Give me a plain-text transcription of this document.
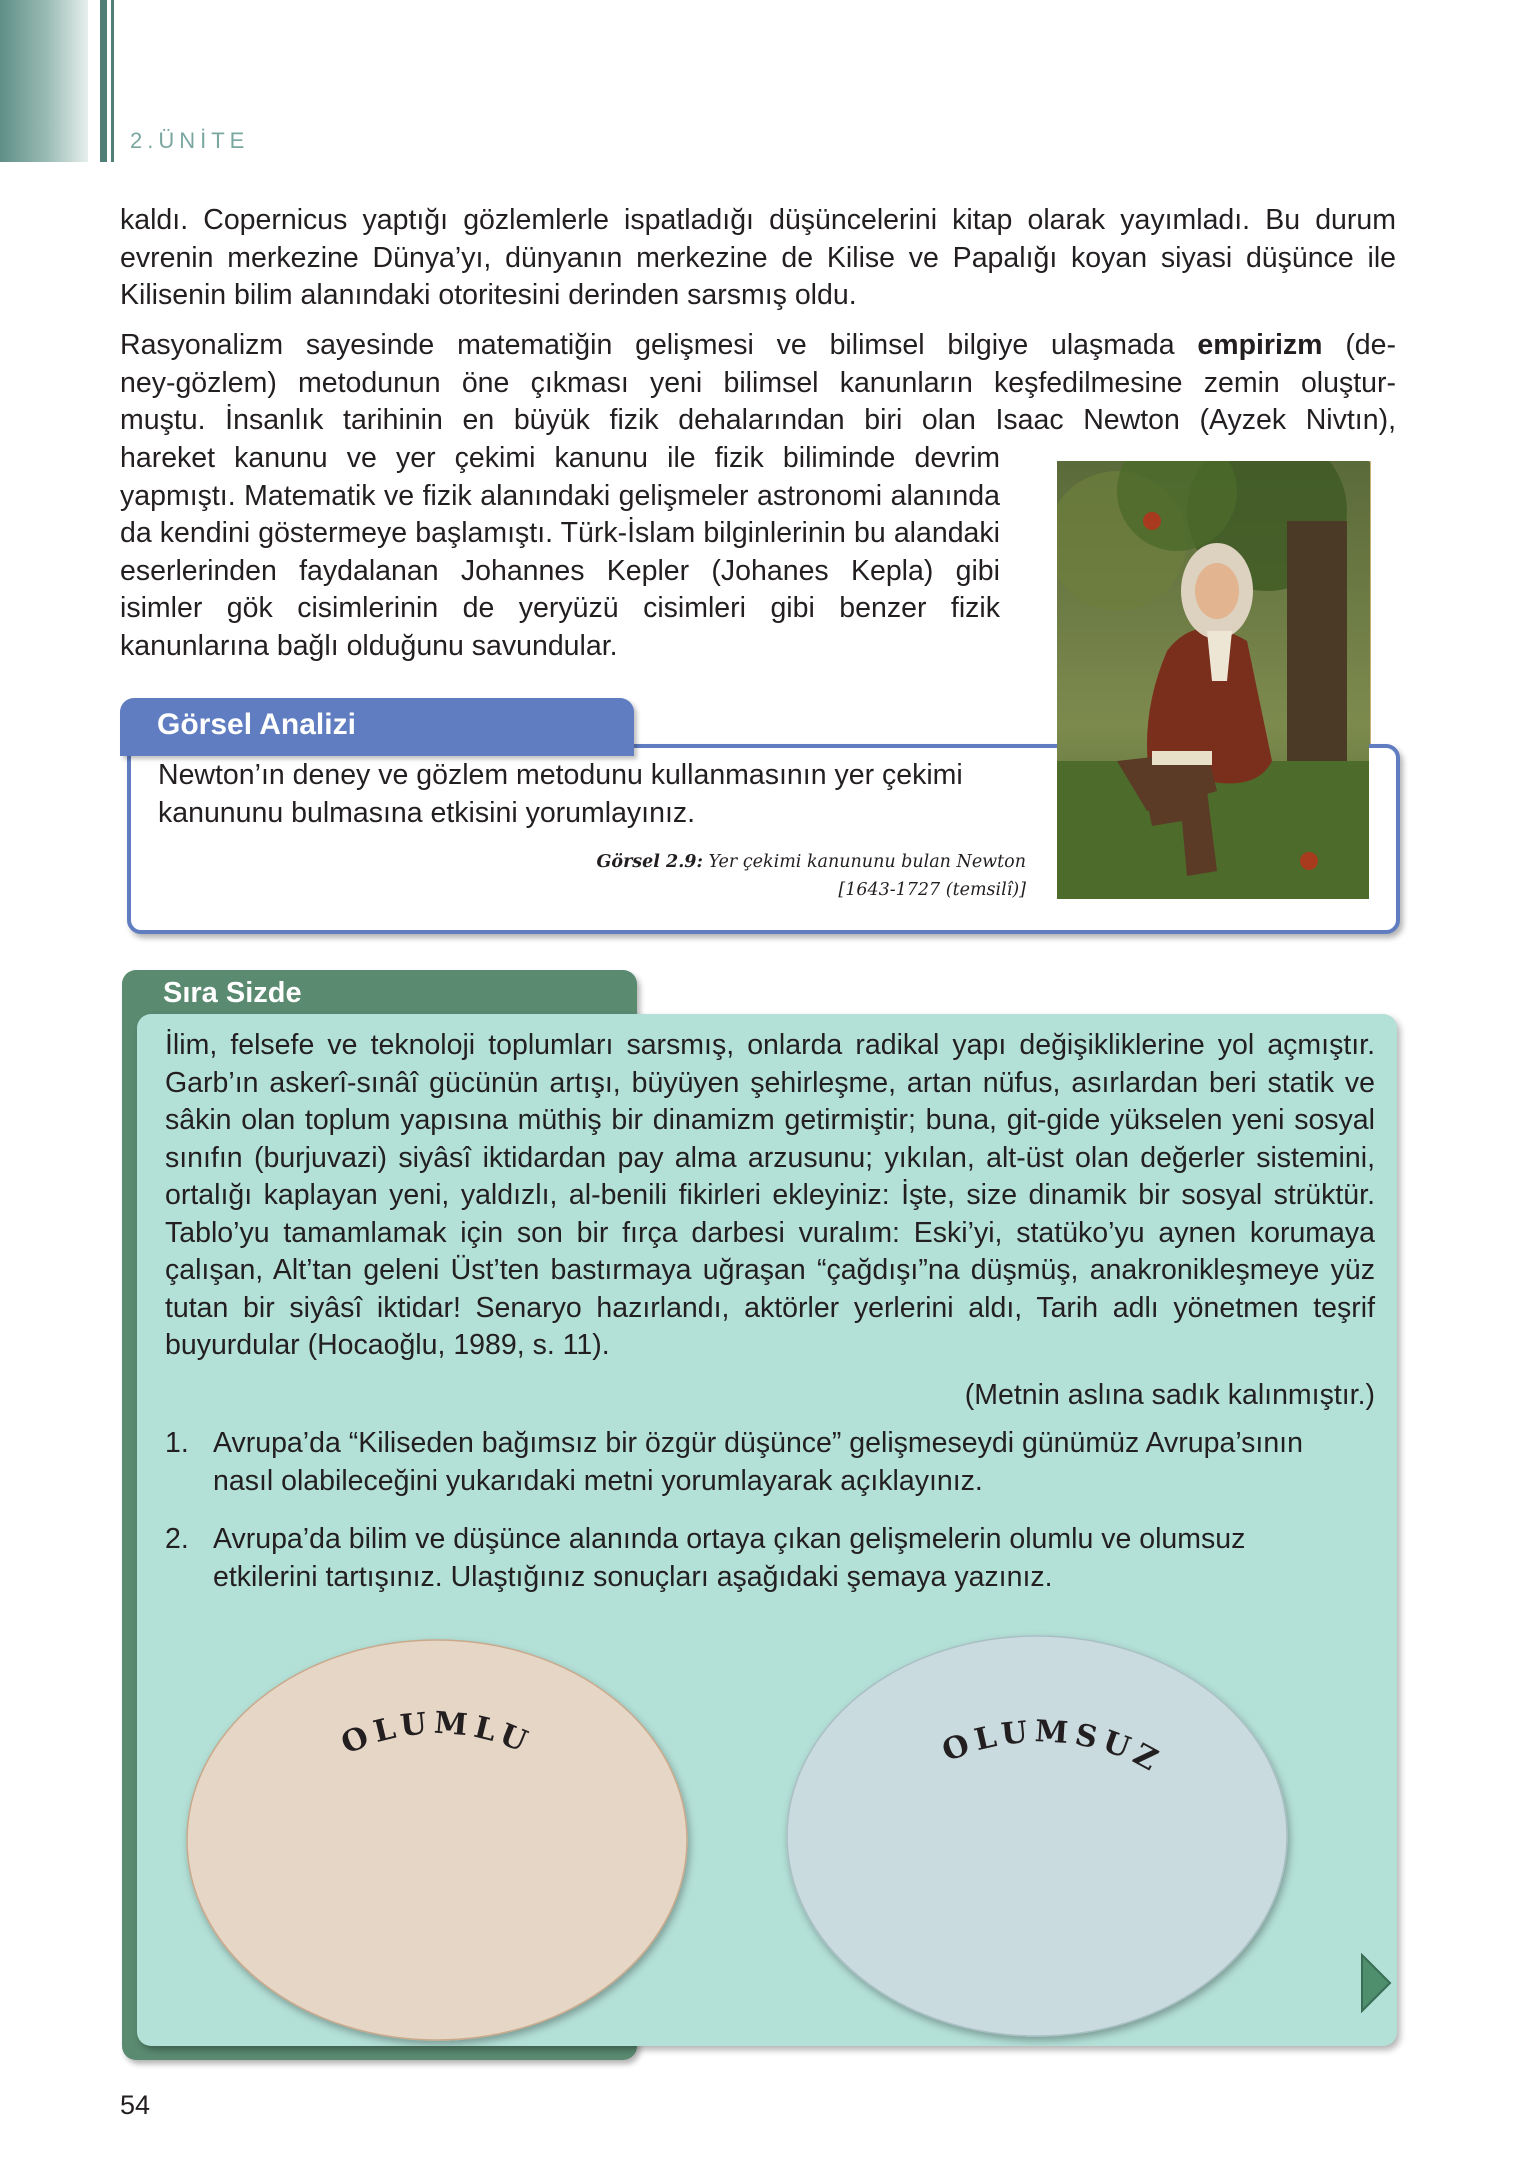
2.ÜNİTE
kaldı. Copernicus yaptığı gözlemlerle ispatladığı düşüncelerini kitap olarak yayımladı. Bu durum evrenin merkezine Dünya’yı, dünyanın merkezine de Kilise ve Papalığı koyan siyasi düşünce ile Kilisenin bilim alanındaki otoritesini derinden sarsmış oldu.
Rasyonalizm sayesinde matematiğin gelişmesi ve bilimsel bilgiye ulaşmada empirizm (de-
ney-gözlem) metodunun öne çıkması yeni bilimsel kanunların keşfedilmesine zemin oluştur-
muştu. İnsanlık tarihinin en büyük fizik dehalarından biri olan Isaac Newton (Ayzek Nivtın),
hareket kanunu ve yer çekimi kanunu ile fizik biliminde devrim yapmıştı. Matematik ve fizik alanındaki gelişmeler astronomi alanında da kendini göstermeye başlamıştı. Türk-İslam bilginlerinin bu alandaki eserlerinden faydalanan Johannes Kepler (Johanes Kepla) gibi isimler gök cisimlerinin de yeryüzü cisimleri gibi benzer fizik kanunlarına bağlı olduğunu savundular.
Görsel Analizi
Newton’ın deney ve gözlem metodunu kullanmasının yer çekimi kanununu bulmasına etkisini yorumlayınız.
Görsel 2.9: Yer çekimi kanununu bulan Newton
[1643-1727 (temsilî)]
Sıra Sizde
İlim, felsefe ve teknoloji toplumları sarsmış, onlarda radikal yapı değişikliklerine yol açmıştır. Garb’ın askerî-sınâî gücünün artışı, büyüyen şehirleşme, artan nüfus, asırlardan beri statik ve sâkin olan toplum yapısına müthiş bir dinamizm getirmiştir; buna, git-gide yükselen yeni sosyal sınıfın (burjuvazi) siyâsî iktidardan pay alma arzusunu; yıkılan, alt-üst olan değerler sistemini, ortalığı kaplayan yeni, yaldızlı, al-benili fikirleri ekleyiniz: İşte, size dinamik bir sosyal strüktür. Tablo’yu tamamlamak için son bir fırça darbesi vuralım: Eski’yi, statüko’yu aynen korumaya çalışan, Alt’tan geleni Üst’ten bastırmaya uğraşan “çağdışı”na düşmüş, anakronikleşmeye yüz tutan bir siyâsî iktidar! Senaryo hazırlandı, aktörler yerlerini aldı, Tarih adlı yönetmen teşrif buyurdular (Hocaoğlu, 1989, s. 11).
(Metnin aslına sadık kalınmıştır.)
1. Avrupa’da “Kiliseden bağımsız bir özgür düşünce” gelişmeseydi günümüz Avrupa’sının nasıl olabileceğini yukarıdaki metni yorumlayarak açıklayınız.
2. Avrupa’da bilim ve düşünce alanında ortaya çıkan gelişmelerin olumlu ve olumsuz etkilerini tartışınız. Ulaştığınız sonuçları aşağıdaki şemaya yazınız.
OLUMLU	OLUMSUZ
54
